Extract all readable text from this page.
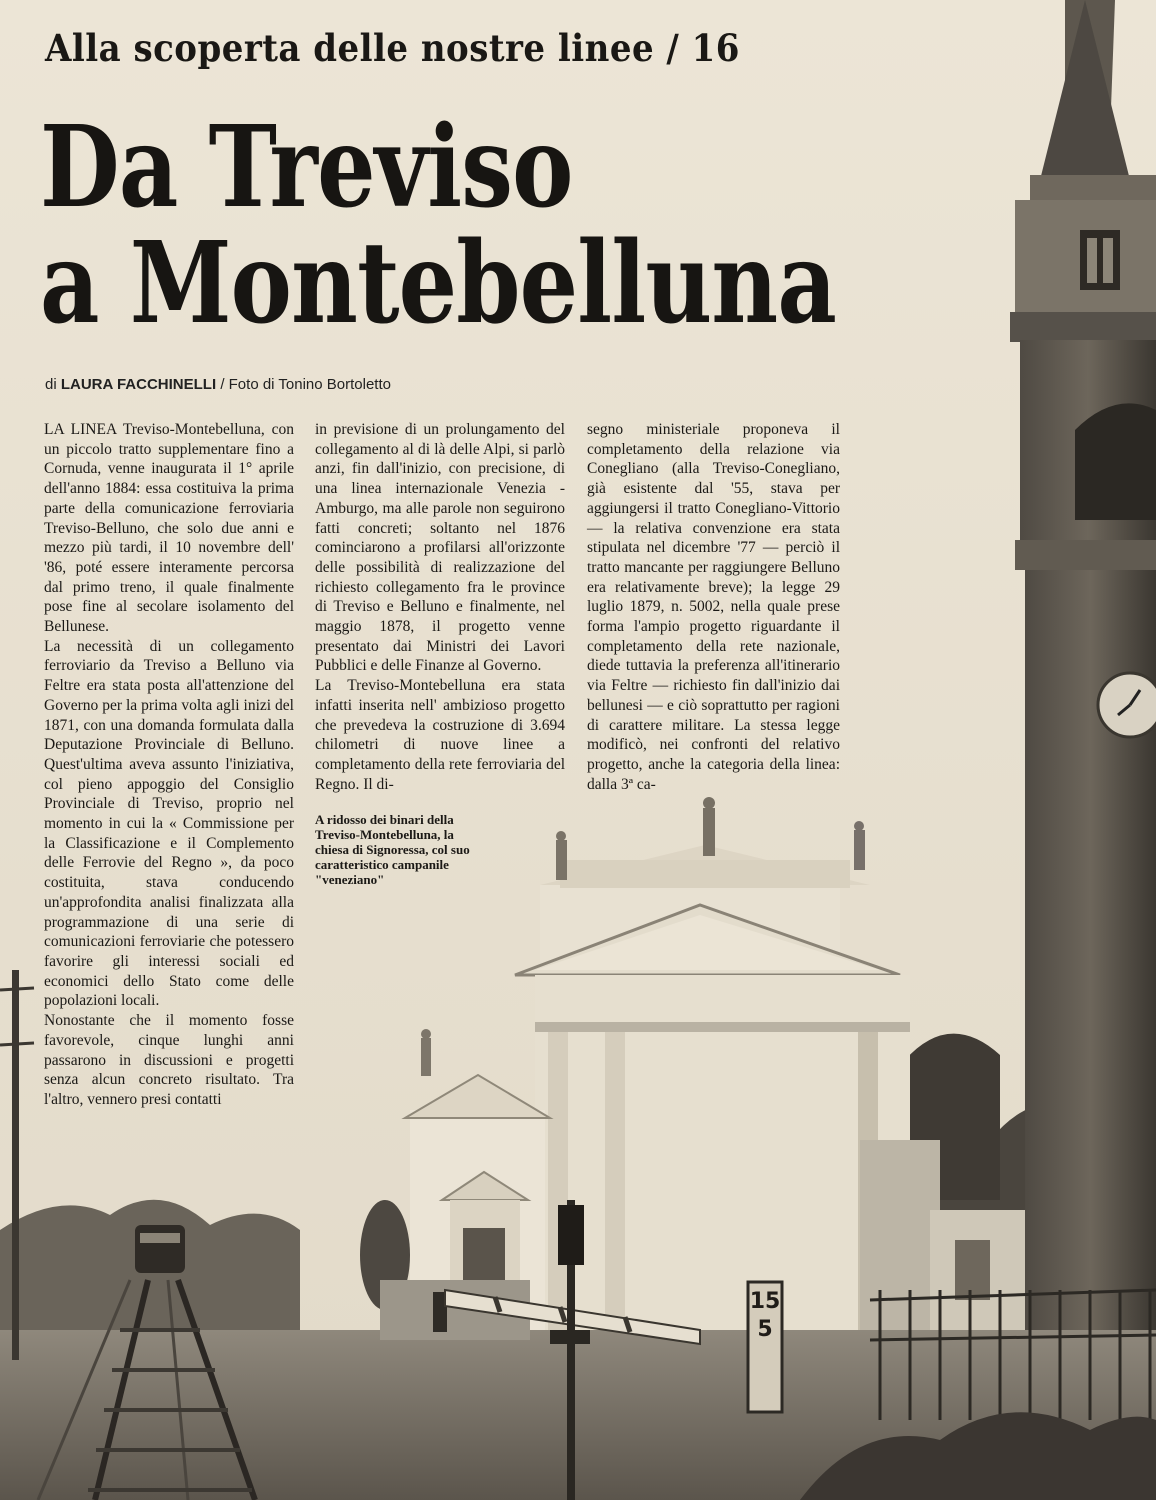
15
5
Alla scoperta delle nostre linee / 16
Da Treviso
a Montebelluna
di LAURA FACCHINELLI / Foto di Tonino Bortoletto

LA LINEA Treviso-Montebelluna, con un piccolo tratto supplementare fino a Cornuda, venne inaugurata il 1° aprile dell'anno 1884: essa costituiva la prima parte della comunicazione ferroviaria Treviso-Belluno, che solo due anni e mezzo più tardi, il 10 novembre dell' '86, poté essere interamente percorsa dal primo treno, il quale finalmente pose fine al secolare isolamento del Bellunese.

La necessità di un collegamento ferroviario da Treviso a Belluno via Feltre era stata posta all'attenzione del Governo per la prima volta agli inizi del 1871, con una domanda formulata dalla Deputazione Provinciale di Belluno. Quest'ultima aveva assunto l'iniziativa, col pieno appoggio del Consiglio Provinciale di Treviso, proprio nel momento in cui la « Commissione per la Classificazione e il Complemento delle Ferrovie del Regno », da poco costituita, stava conducendo un'approfondita analisi finalizzata alla programmazione di una serie di comunicazioni ferroviarie che potessero favorire gli interessi sociali ed economici dello Stato come delle popolazioni locali.

Nonostante che il momento fosse favorevole, cinque lunghi anni passarono in discussioni e progetti senza alcun concreto risultato. Tra l'altro, vennero presi contatti

in previsione di un prolungamento del collegamento al di là delle Alpi, si parlò anzi, fin dall'inizio, con precisione, di una linea internazionale Venezia - Amburgo, ma alle parole non seguirono fatti concreti; soltanto nel 1876 cominciarono a profilarsi all'orizzonte delle possibilità di realizzazione del richiesto collegamento fra le province di Treviso e Belluno e finalmente, nel maggio 1878, il progetto venne presentato dai Ministri dei Lavori Pubblici e delle Finanze al Governo.

La Treviso-Montebelluna era stata infatti inserita nell' ambizioso progetto che prevedeva la costruzione di 3.694 chilometri di nuove linee a completamento della rete ferroviaria del Regno. Il di-

segno ministeriale proponeva il completamento della relazione via Conegliano (alla Treviso-Conegliano, già esistente dal '55, stava per aggiungersi il tratto Conegliano-Vittorio — la relativa convenzione era stata stipulata nel dicembre '77 — perciò il tratto mancante per raggiungere Belluno era relativamente breve); la legge 29 luglio 1879, n. 5002, nella quale prese forma l'ampio progetto riguardante il completamento della rete nazionale, diede tuttavia la preferenza all'itinerario via Feltre — richiesto fin dall'inizio dai bellunesi — e ciò soprattutto per ragioni di carattere militare. La stessa legge modificò, nei confronti del relativo progetto, anche la categoria della linea: dalla 3ª ca-

A ridosso dei binari della Treviso-Montebelluna, la chiesa di Signoressa, col suo caratteristico campanile "veneziano"
